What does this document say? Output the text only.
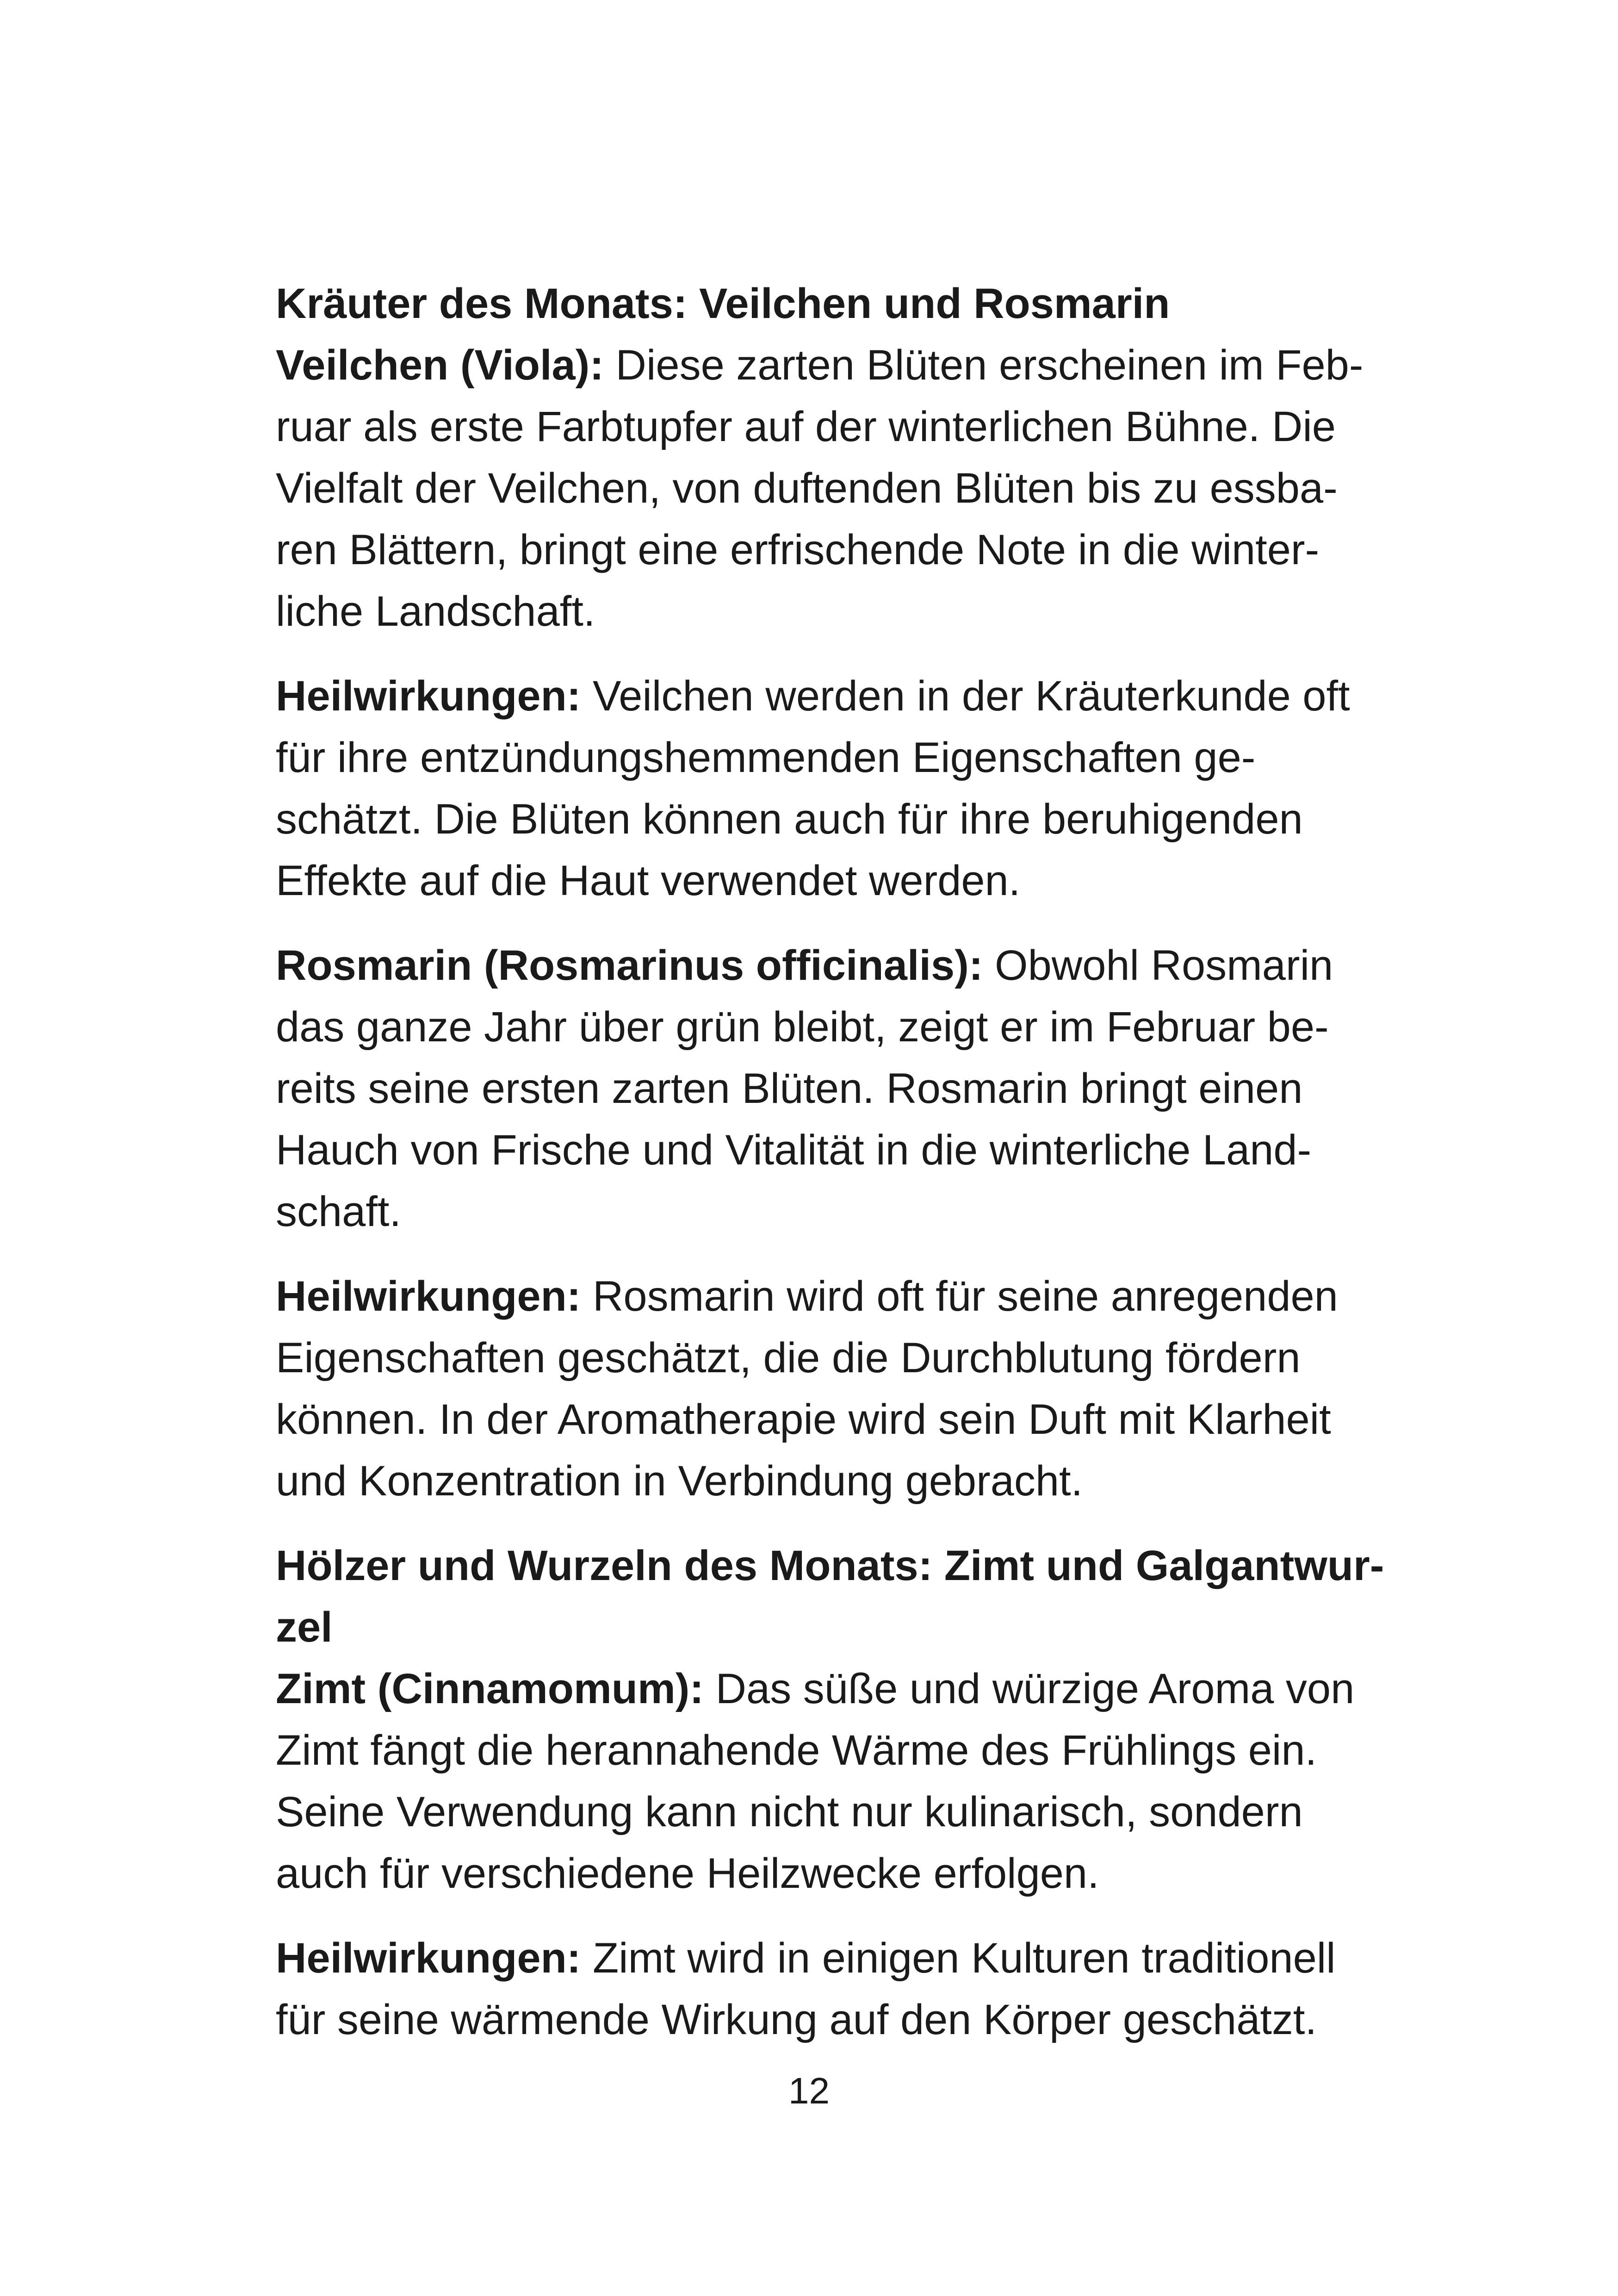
Kräuter des Monats: Veilchen und Rosmarin
Veilchen (Viola): Diese zarten Blüten erscheinen im Feb-
ruar als erste Farbtupfer auf der winterlichen Bühne. Die
Vielfalt der Veilchen, von duftenden Blüten bis zu essba-
ren Blättern, bringt eine erfrischende Note in die winter-
liche Landschaft.
Heilwirkungen: Veilchen werden in der Kräuterkunde oft
für ihre entzündungshemmenden Eigenschaften ge-
schätzt. Die Blüten können auch für ihre beruhigenden
Effekte auf die Haut verwendet werden.
Rosmarin (Rosmarinus officinalis): Obwohl Rosmarin
das ganze Jahr über grün bleibt, zeigt er im Februar be-
reits seine ersten zarten Blüten. Rosmarin bringt einen
Hauch von Frische und Vitalität in die winterliche Land-
schaft.
Heilwirkungen: Rosmarin wird oft für seine anregenden
Eigenschaften geschätzt, die die Durchblutung fördern
können. In der Aromatherapie wird sein Duft mit Klarheit
und Konzentration in Verbindung gebracht.
Hölzer und Wurzeln des Monats: Zimt und Galgantwur-
zel
Zimt (Cinnamomum): Das süße und würzige Aroma von
Zimt fängt die herannahende Wärme des Frühlings ein.
Seine Verwendung kann nicht nur kulinarisch, sondern
auch für verschiedene Heilzwecke erfolgen.
Heilwirkungen: Zimt wird in einigen Kulturen traditionell
für seine wärmende Wirkung auf den Körper geschätzt.
12
